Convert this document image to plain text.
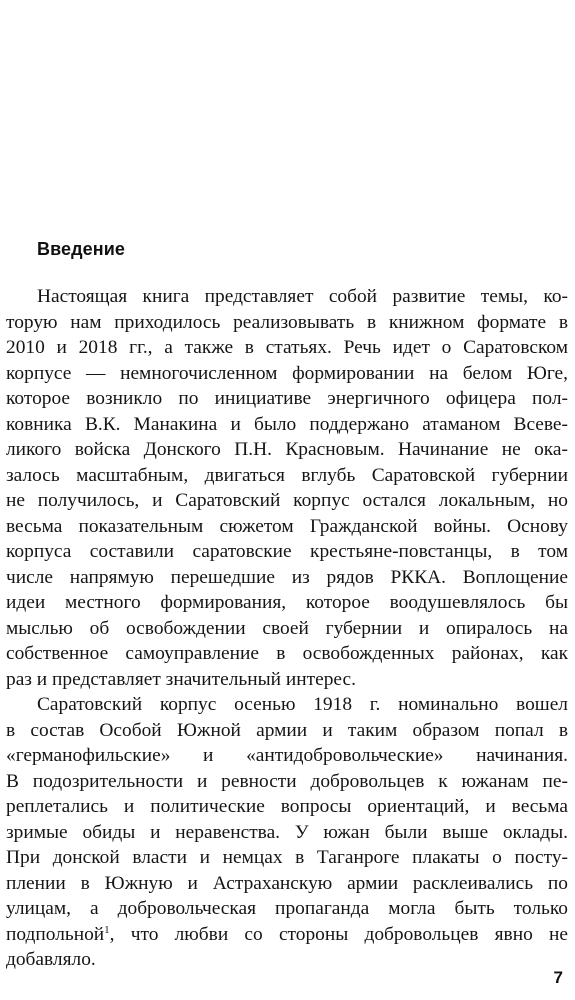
Введение
Настоящая книга представляет собой развитие темы, ко-
торую нам приходилось реализовывать в книжном формате в
2010 и 2018 гг., а также в статьях. Речь идет о Саратовском
корпусе — немногочисленном формировании на белом Юге,
которое возникло по инициативе энергичного офицера пол-
ковника В.К. Манакина и было поддержано атаманом Всеве-
ликого войска Донского П.Н. Красновым. Начинание не ока-
залось масштабным, двигаться вглубь Саратовской губернии
не получилось, и Саратовский корпус остался локальным, но
весьма показательным сюжетом Гражданской войны. Основу
корпуса составили саратовские крестьяне-повстанцы, в том
числе напрямую перешедшие из рядов РККА. Воплощение
идеи местного формирования, которое воодушевлялось бы
мыслью об освобождении своей губернии и опиралось на
собственное самоуправление в освобожденных районах, как
раз и представляет значительный интерес.
Саратовский корпус осенью 1918 г. номинально вошел
в состав Особой Южной армии и таким образом попал в
«германофильские» и «антидобровольческие» начинания.
В подозрительности и ревности добровольцев к южанам пе-
реплетались и политические вопросы ориентаций, и весьма
зримые обиды и неравенства. У южан были выше оклады.
При донской власти и немцах в Таганроге плакаты о посту-
плении в Южную и Астраханскую армии расклеивались по
улицам, а добровольческая пропаганда могла быть только
подпольной$^1$, что любви со стороны добровольцев явно не
добавляло.
7
